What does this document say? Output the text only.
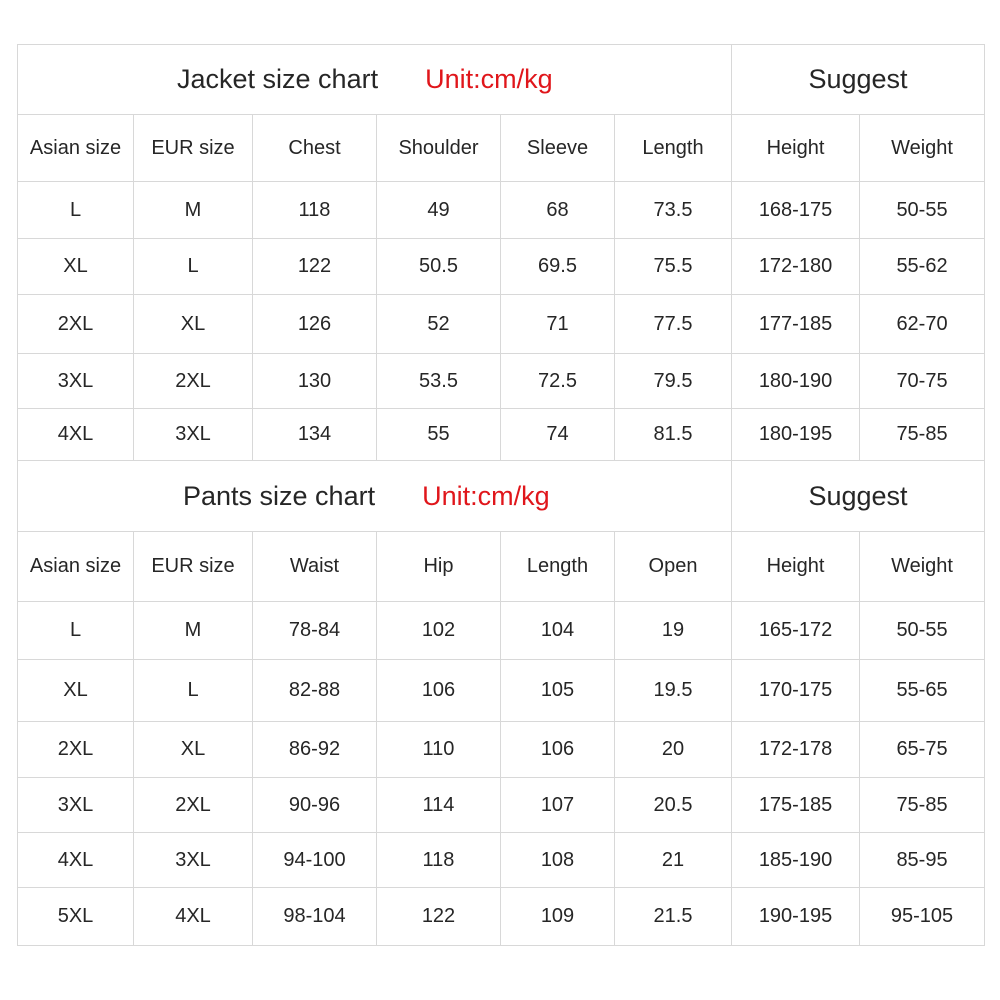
Jacket size chart Unit:cm/kg						Suggest	
Asian size	EUR size	Chest	Shoulder	Sleeve	Length	Height	Weight
L	M	118	49	68	73.5	168-175	50-55
XL	L	122	50.5	69.5	75.5	172-180	55-62
2XL	XL	126	52	71	77.5	177-185	62-70
3XL	2XL	130	53.5	72.5	79.5	180-190	70-75
4XL	3XL	134	55	74	81.5	180-195	75-85

Pants size chart Unit:cm/kg						Suggest	
Asian size	EUR size	Waist	Hip	Length	Open	Height	Weight
L	M	78-84	102	104	19	165-172	50-55
XL	L	82-88	106	105	19.5	170-175	55-65
2XL	XL	86-92	110	106	20	172-178	65-75
3XL	2XL	90-96	114	107	20.5	175-185	75-85
4XL	3XL	94-100	118	108	21	185-190	85-95
5XL	4XL	98-104	122	109	21.5	190-195	95-105
